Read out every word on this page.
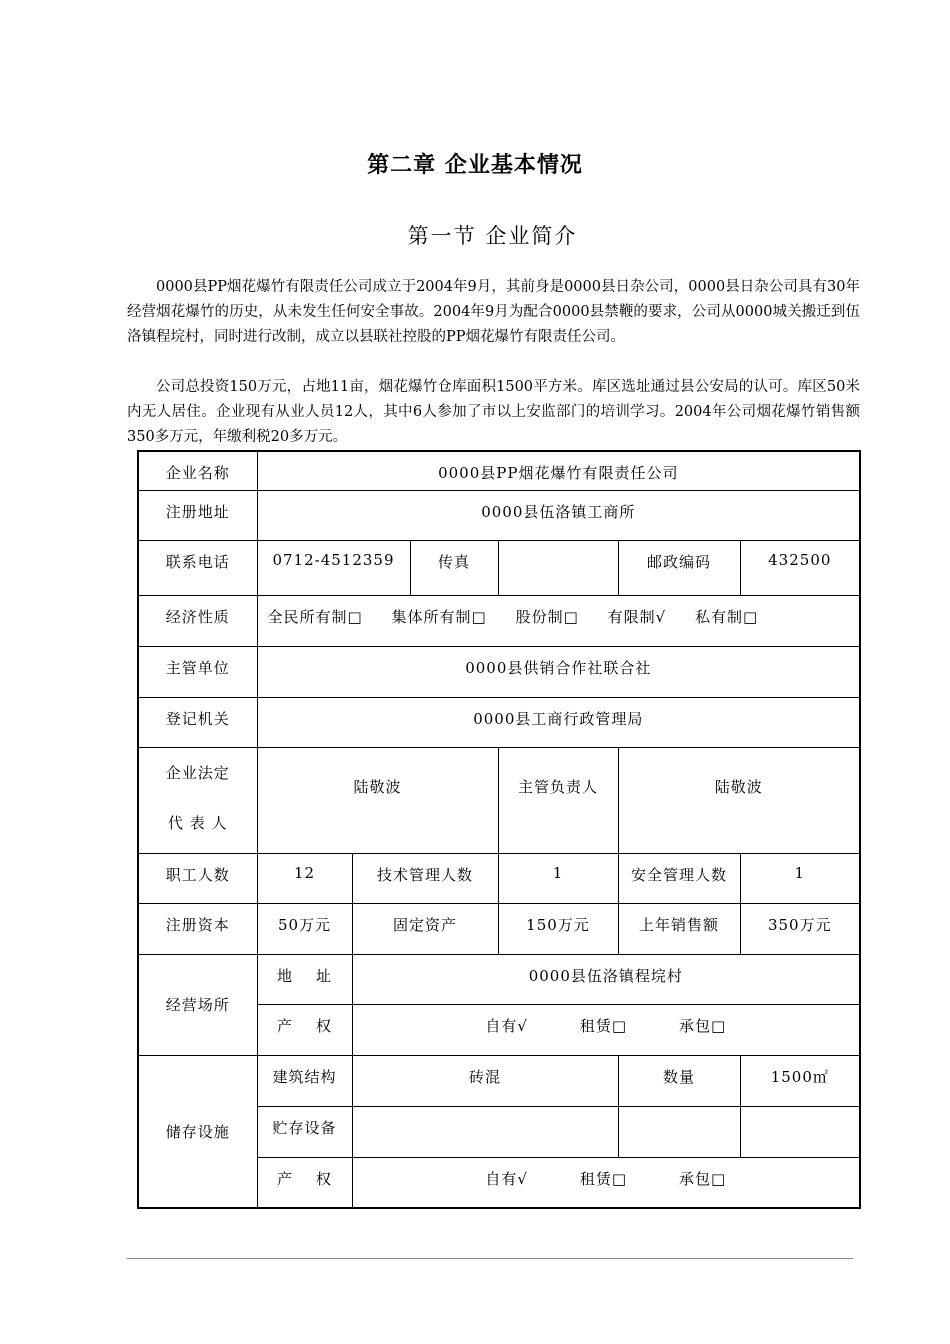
第二章 企业基本情况
第一节 企业简介
0000县PP烟花爆竹有限责任公司成立于2004年9月，其前身是0000县日杂公司，0000县日杂公司具有30年经营烟花爆竹的历史，从未发生任何安全事故。2004年9月为配合0000县禁鞭的要求，公司从0000城关搬迁到伍洛镇程垸村，同时进行改制，成立以县联社控股的PP烟花爆竹有限责任公司。
公司总投资150万元，占地11亩，烟花爆竹仓库面积1500平方米。库区选址通过县公安局的认可。库区50米内无人居住。企业现有从业人员12人，其中6人参加了市以上安监部门的培训学习。2004年公司烟花爆竹销售额350多万元，年缴利税20多万元。
企业名称	0000县PP烟花爆竹有限责任公司					
注册地址	0000县伍洛镇工商所					
联系电话	0712-4512359		传真		邮政编码	432500
经济性质	全民所有制□ 集体所有制□ 股份制□ 有限制√ 私有制□					
主管单位	0000县供销合作社联合社					
登记机关	0000县工商行政管理局					

企业法定
代 表 人	陆敬波			主管负责人	陆敬波	
职工人数	12	技术管理人数		1	安全管理人数	1
注册资本	50万元	固定资产		150万元	上年销售额	350万元
经营场所	地    址	0000县伍洛镇程垸村				
	产    权	自有√ 租赁□ 承包□				
储存设施	建筑结构	砖混			数量	1500㎡
	贮存设备					
	产    权	自有√ 租赁□ 承包□				
